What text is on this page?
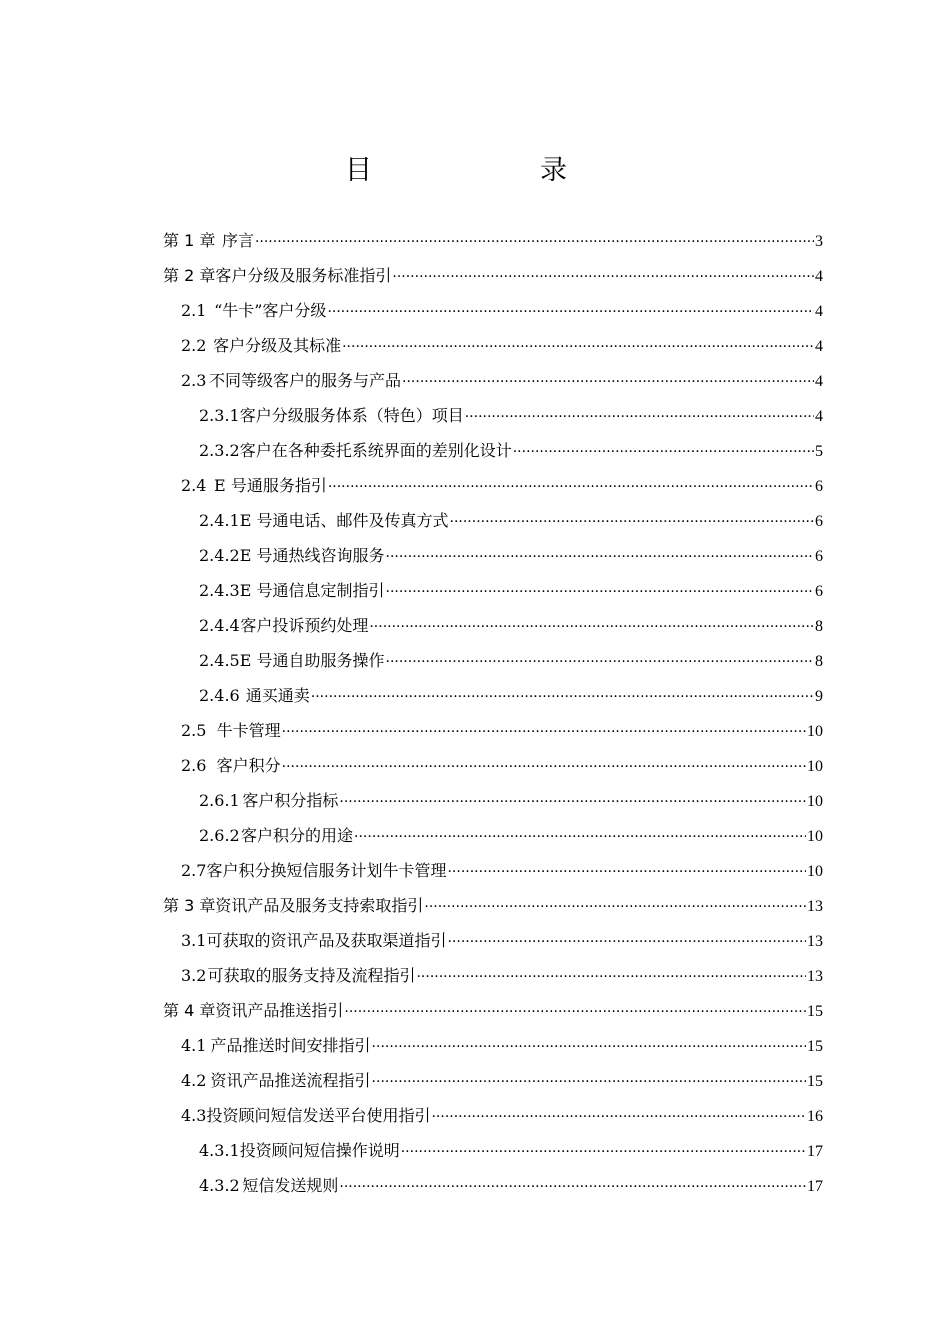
目　　录
第 1 章 序言 ·····	3
第 2 章 客户分级及服务标准指引 ·····	4
2.1 “牛卡”客户分级 ·····	4
2.2 客户分级及其标准 ·····	4
2.3 不同等级客户的服务与产品 ·····	4
2.3.1 客户分级服务体系（特色）项目 ·····	4
2.3.2 客户在各种委托系统界面的差别化设计 ·····	5
2.4 E 号通服务指引 ·····	6
2.4.1 E 号通电话、邮件及传真方式 ·····	6
2.4.2 E 号通热线咨询服务 ·····	6
2.4.3 E 号通信息定制指引 ·····	6
2.4.4 客户投诉预约处理 ·····	8
2.4.5 E 号通自助服务操作 ·····	8
2.4.6 通买通卖 ·····	9
2.5 牛卡管理 ·····	10
2.6 客户积分 ·····	10
2.6.1 客户积分指标 ·····	10
2.6.2 客户积分的用途 ·····	10
2.7 客户积分换短信服务计划牛卡管理 ·····	10
第 3 章 资讯产品及服务支持索取指引 ·····	13
3.1 可获取的资讯产品及获取渠道指引 ·····	13
3.2 可获取的服务支持及流程指引 ·····	13
第 4 章 资讯产品推送指引 ·····	15
4.1 产品推送时间安排指引 ·····	15
4.2 资讯产品推送流程指引 ·····	15
4.3 投资顾问短信发送平台使用指引 ·····	16
4.3.1 投资顾问短信操作说明 ·····	17
4.3.2 短信发送规则 ·····	17
